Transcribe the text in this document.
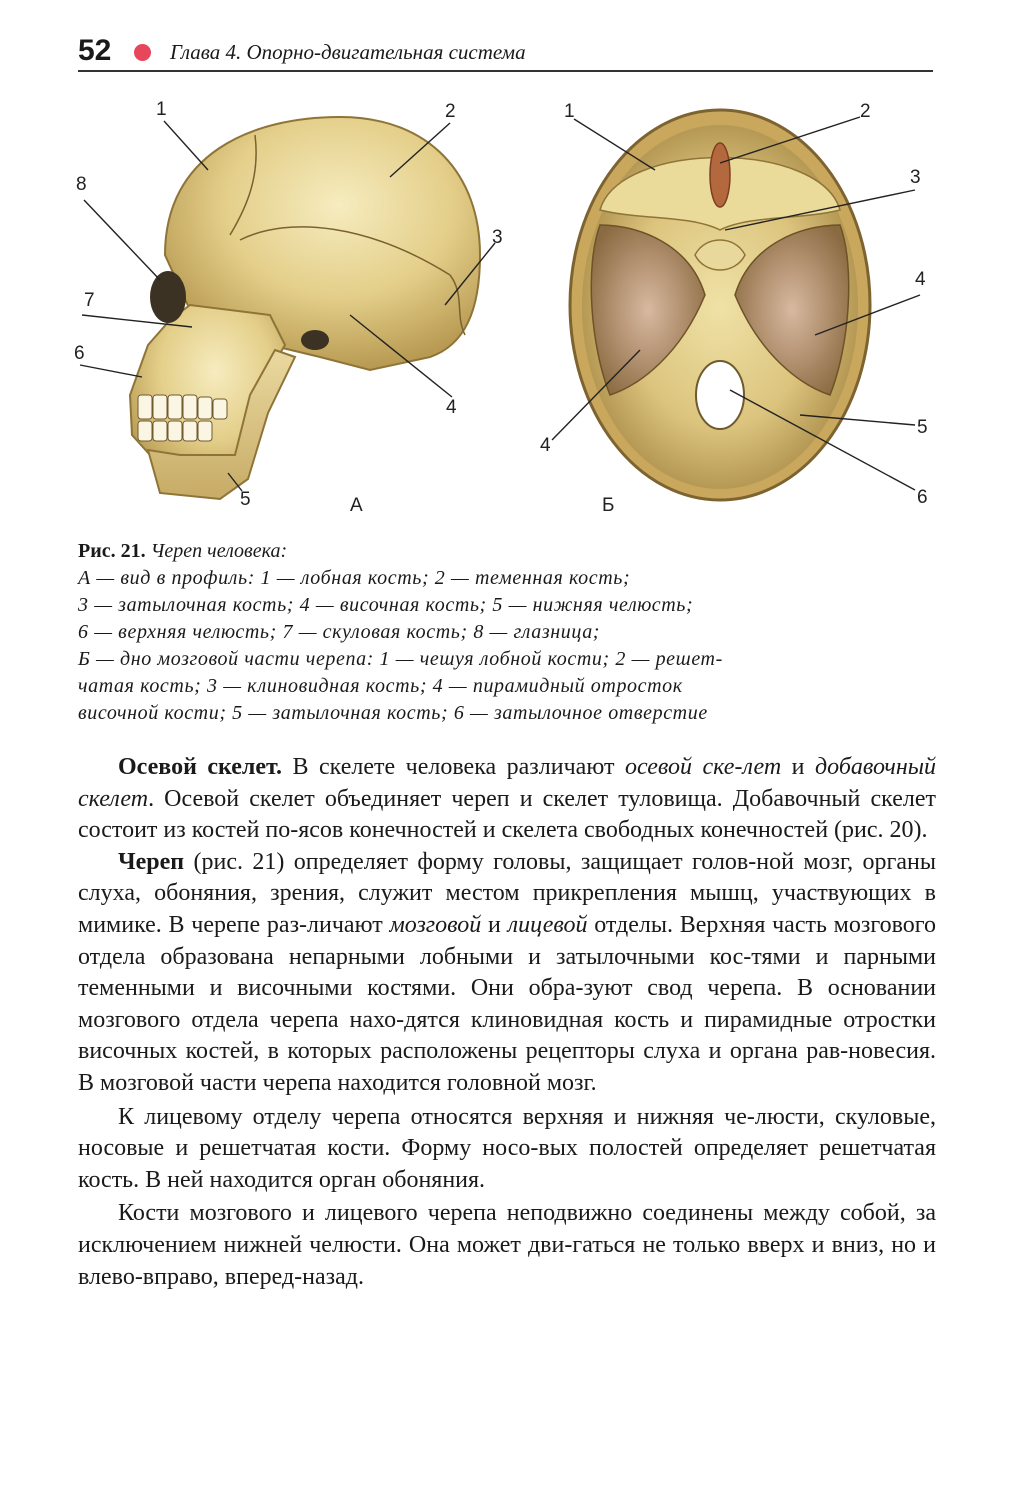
52	Глава 4. Опорно-двигательная система
1	2
3
4
5
6
7
8
А
1	2
3
4
4
5
6
Б

Рис. 21. Череп человека:

А — вид в профиль: 1 — лобная кость; 2 — теменная кость;

3 — затылочная кость; 4 — височная кость; 5 — нижняя челюсть;

6 — верхняя челюсть; 7 — скуловая кость; 8 — глазница;

Б — дно мозговой части черепа: 1 — чешуя лобной кости; 2 — решет-

чатая кость; 3 — клиновидная кость; 4 — пирамидный отросток

височной кости; 5 — затылочная кость; 6 — затылочное отверстие

Осевой скелет. В скелете человека различают осевой ске-лет и добавочный скелет. Осевой скелет объединяет череп и скелет туловища. Добавочный скелет состоит из костей по-ясов конечностей и скелета свободных конечностей (рис. 20).

Череп (рис. 21) определяет форму головы, защищает голов-ной мозг, органы слуха, обоняния, зрения, служит местом прикрепления мышц, участвующих в мимике. В черепе раз-личают мозговой и лицевой отделы. Верхняя часть мозгового отдела образована непарными лобными и затылочными кос-тями и парными теменными и височными костями. Они обра-зуют свод черепа. В основании мозгового отдела черепа нахо-дятся клиновидная кость и пирамидные отростки височных костей, в которых расположены рецепторы слуха и органа рав-новесия. В мозговой части черепа находится головной мозг.

К лицевому отделу черепа относятся верхняя и нижняя че-люсти, скуловые, носовые и решетчатая кости. Форму носо-вых полостей определяет решетчатая кость. В ней находится орган обоняния.

Кости мозгового и лицевого черепа неподвижно соединены между собой, за исключением нижней челюсти. Она может дви-гаться не только вверх и вниз, но и влево-вправо, вперед-назад.
